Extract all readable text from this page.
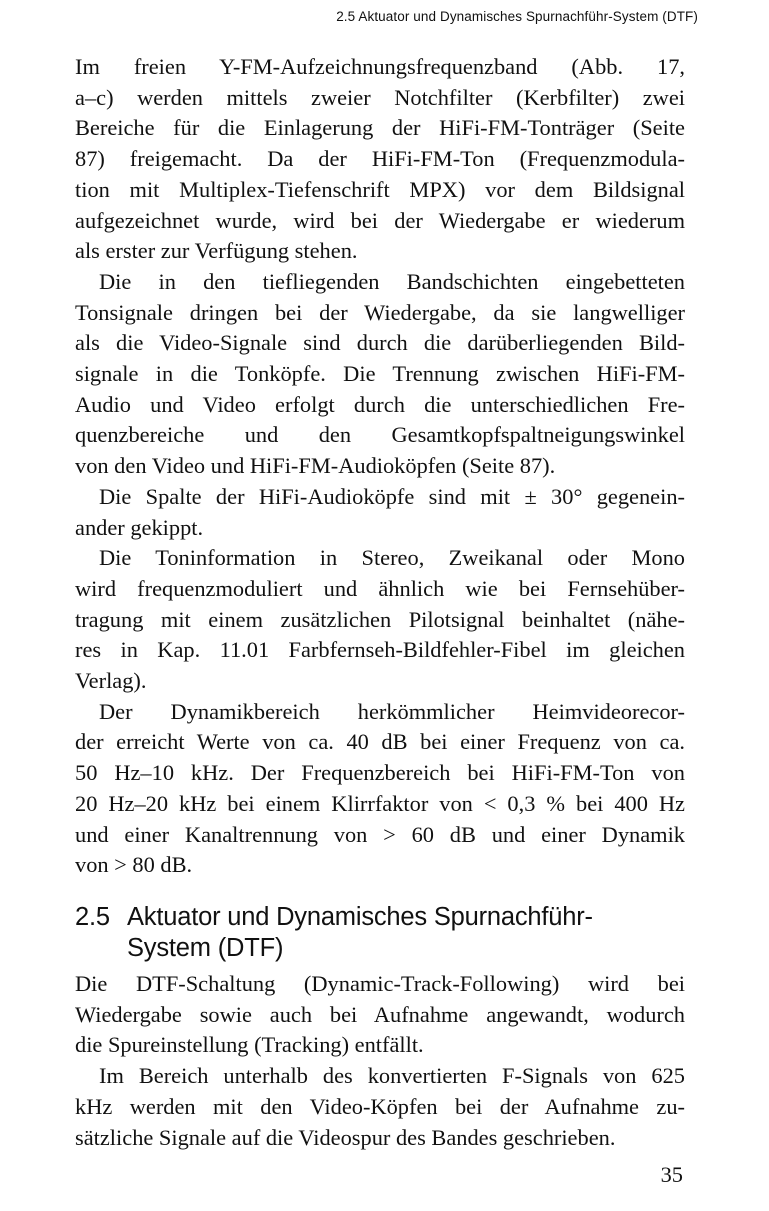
2.5 Aktuator und Dynamisches Spurnachführ-System (DTF)

Im freien Y-FM-Aufzeichnungsfrequenzband (Abb. 17,
a–c) werden mittels zweier Notchfilter (Kerbfilter) zwei
Bereiche für die Einlagerung der HiFi-FM-Tonträger (Seite
87) freigemacht. Da der HiFi-FM-Ton (Frequenzmodula-
tion mit Multiplex-Tiefenschrift MPX) vor dem Bildsignal
aufgezeichnet wurde, wird bei der Wiedergabe er wiederum
als erster zur Verfügung stehen.

Die in den tiefliegenden Bandschichten eingebetteten
Tonsignale dringen bei der Wiedergabe, da sie langwelliger
als die Video-Signale sind durch die darüberliegenden Bild-
signale in die Tonköpfe. Die Trennung zwischen HiFi-FM-
Audio und Video erfolgt durch die unterschiedlichen Fre-
quenzbereiche und den Gesamtkopfspaltneigungswinkel
von den Video und HiFi-FM-Audioköpfen (Seite 87).

Die Spalte der HiFi-Audioköpfe sind mit ± 30° gegenein-
ander gekippt.

Die Toninformation in Stereo, Zweikanal oder Mono
wird frequenzmoduliert und ähnlich wie bei Fernsehüber-
tragung mit einem zusätzlichen Pilotsignal beinhaltet (nähe-
res in Kap. 11.01 Farbfernseh-Bildfehler-Fibel im gleichen
Verlag).

Der Dynamikbereich herkömmlicher Heimvideorecor-
der erreicht Werte von ca. 40 dB bei einer Frequenz von ca.
50 Hz–10 kHz. Der Frequenzbereich bei HiFi-FM-Ton von
20 Hz–20 kHz bei einem Klirrfaktor von < 0,3 % bei 400 Hz
und einer Kanaltrennung von > 60 dB und einer Dynamik
von > 80 dB.

2.5 Aktuator und Dynamisches Spurnachführ-
System (DTF)

Die DTF-Schaltung (Dynamic-Track-Following) wird bei
Wiedergabe sowie auch bei Aufnahme angewandt, wodurch
die Spureinstellung (Tracking) entfällt.

Im Bereich unterhalb des konvertierten F-Signals von 625
kHz werden mit den Video-Köpfen bei der Aufnahme zu-
sätzliche Signale auf die Videospur des Bandes geschrieben.

35
